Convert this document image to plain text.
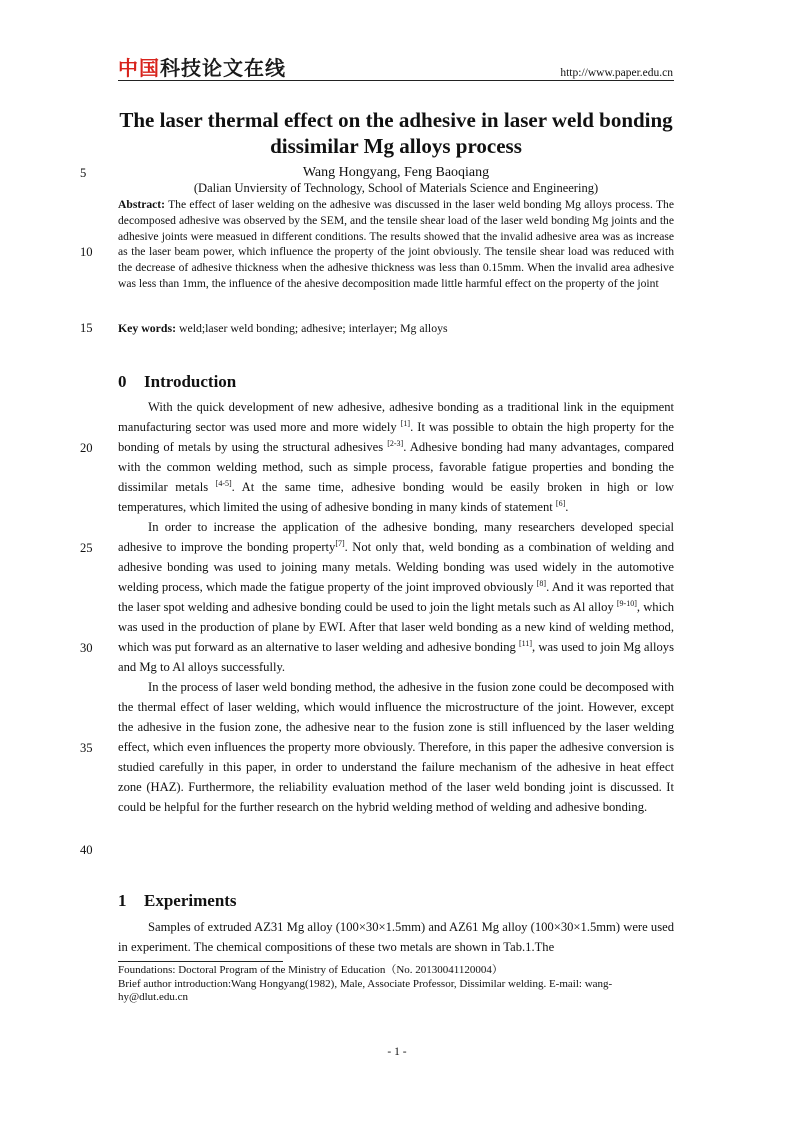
中国科技论文在线	http://www.paper.edu.cn
The laser thermal effect on the adhesive in laser weld bonding dissimilar Mg alloys process
Wang Hongyang, Feng Baoqiang
(Dalian Unviersity of Technology, School of Materials Science and Engineering)

Abstract: The effect of laser welding on the adhesive was discussed in the laser weld bonding Mg alloys process. The decomposed adhesive was observed by the SEM, and the tensile shear load of the laser weld bonding Mg joints and the adhesive joints were measued in different conditions. The results showed that the invalid adhesive area was as increase as the laser beam power, which influence the property of the joint obviously. The tensile shear load was reduced with the decrease of adhesive thickness when the adhesive thickness was less than 0.15mm. When the invalid area adhesive was less than 1mm, the influence of the ahesive decomposition made little harmful effect on the property of the joint

Key words: weld;laser weld bonding; adhesive; interlayer; Mg alloys

5
10
15
20
25
30
35
40
0 Introduction

With the quick development of new adhesive, adhesive bonding as a traditional link in the equipment manufacturing sector was used more and more widely [1]. It was possible to obtain the high property for the bonding of metals by using the structural adhesives [2-3]. Adhesive bonding had many advantages, compared with the common welding method, such as simple process, favorable fatigue properties and bonding the dissimilar metals [4-5]. At the same time, adhesive bonding would be easily broken in high or low temperatures, which limited the using of adhesive bonding in many kinds of statement [6].

In order to increase the application of the adhesive bonding, many researchers developed special adhesive to improve the bonding property[7]. Not only that, weld bonding as a combination of welding and adhesive bonding was used to joining many metals. Welding bonding was used widely in the automotive welding process, which made the fatigue property of the joint improved obviously [8]. And it was reported that the laser spot welding and adhesive bonding could be used to join the light metals such as Al alloy [9-10], which was used in the production of plane by EWI. After that laser weld bonding as a new kind of welding method, which was put forward as an alternative to laser welding and adhesive bonding [11], was used to join Mg alloys and Mg to Al alloys successfully.

In the process of laser weld bonding method, the adhesive in the fusion zone could be decomposed with the thermal effect of laser welding, which would influence the microstructure of the joint. However, except the adhesive in the fusion zone, the adhesive near to the fusion zone is still influenced by the laser welding effect, which even influences the property more obviously. Therefore, in this paper the adhesive conversion is studied carefully in this paper, in order to understand the failure mechanism of the adhesive in heat effect zone (HAZ). Furthermore, the reliability evaluation method of the laser weld bonding joint is discussed. It could be helpful for the further research on the hybrid welding method of welding and adhesive bonding.

1 Experiments

Samples of extruded AZ31 Mg alloy (100×30×1.5mm) and AZ61 Mg alloy (100×30×1.5mm) were used in experiment. The chemical compositions of these two metals are shown in Tab.1.The

Foundations: Doctoral Program of the Ministry of Education（No. 20130041120004）
Brief author introduction:Wang Hongyang(1982), Male, Associate Professor, Dissimilar welding. E-mail: wang-hy@dlut.edu.cn
- 1 -
